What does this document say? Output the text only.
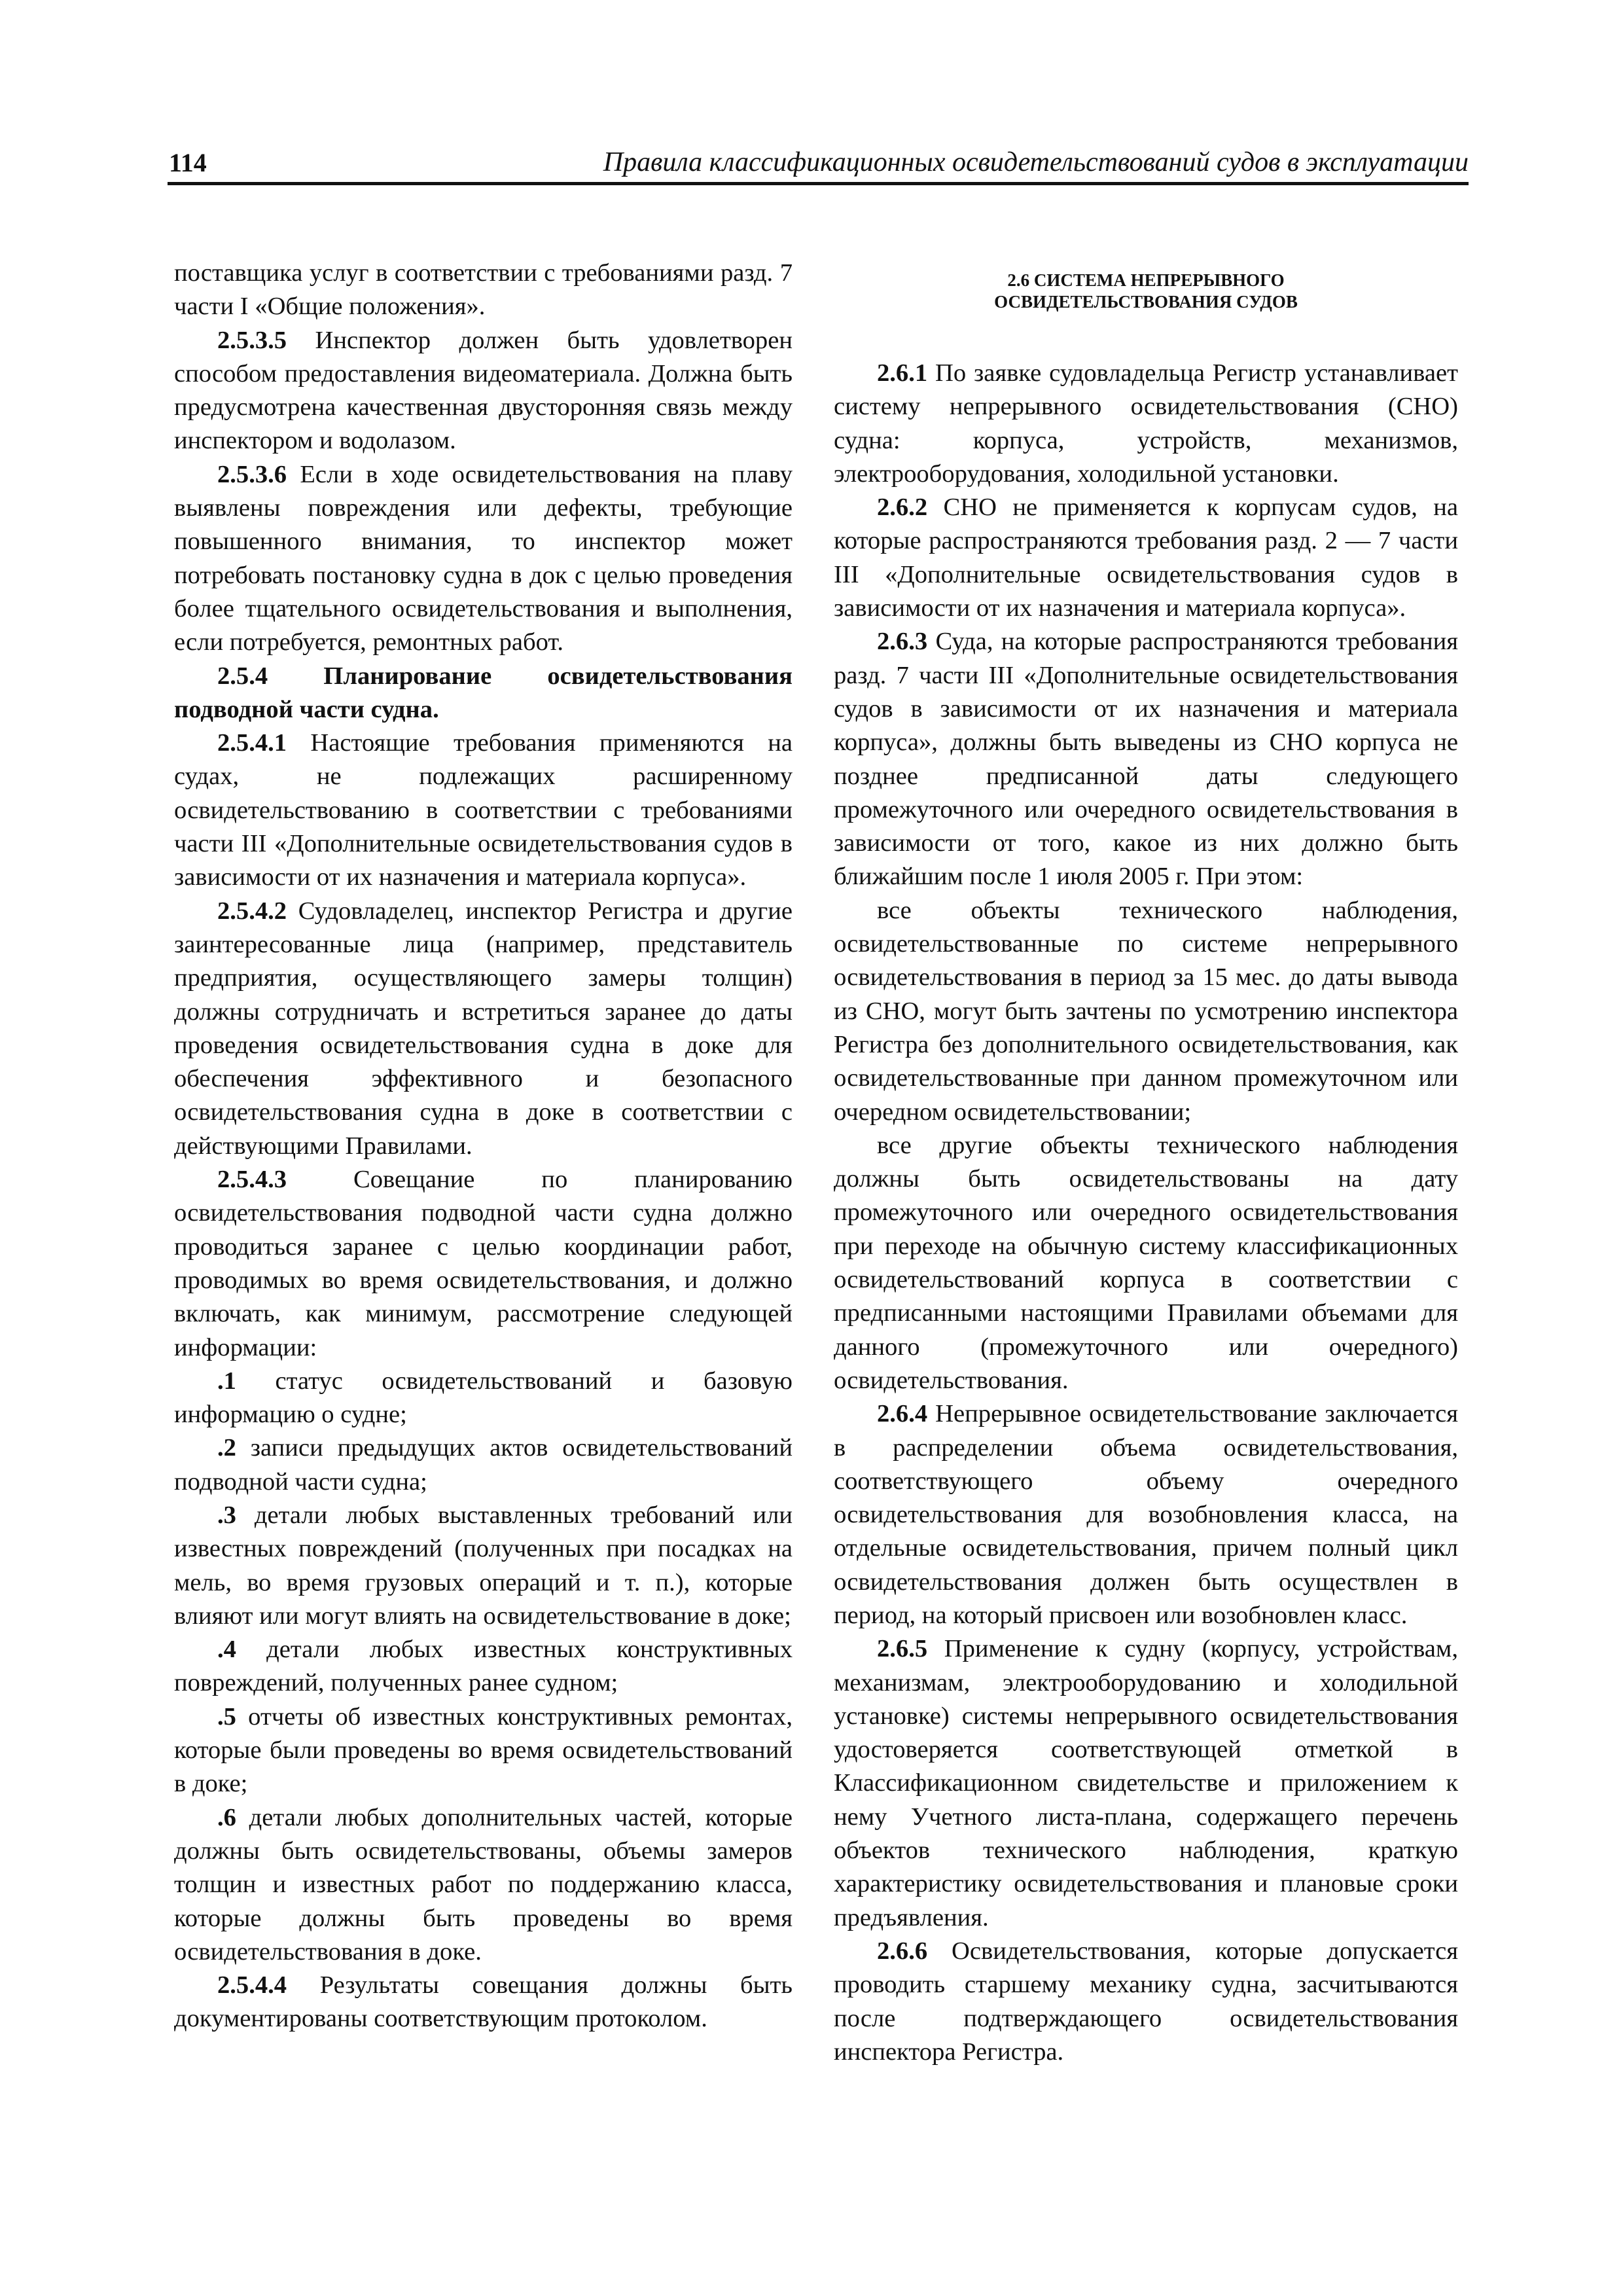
114	Правила классификационных освидетельствований судов в эксплуатации

поставщика услуг в соответствии с требованиями разд. 7 части I «Общие положения».

2.5.3.5 Инспектор должен быть удовлетворен способом предоставления видеоматериала. Должна быть предусмотрена качественная двусторонняя связь между инспектором и водолазом.

2.5.3.6 Если в ходе освидетельствования на плаву выявлены повреждения или дефекты, требующие повышенного внимания, то инспектор может потребовать постановку судна в док с целью проведения более тщательного освидетельствования и выполнения, если потребуется, ремонтных работ.

2.5.4 Планирование освидетельствования подводной части судна.

2.5.4.1 Настоящие требования применяются на судах, не подлежащих расширенному освидетельствованию в соответствии с требованиями части III «Дополнительные освидетельствования судов в зависимости от их назначения и материала корпуса».

2.5.4.2 Судовладелец, инспектор Регистра и другие заинтересованные лица (например, представитель предприятия, осуществляющего замеры толщин) должны сотрудничать и встретиться заранее до даты проведения освидетельствования судна в доке для обеспечения эффективного и безопасного освидетельствования судна в доке в соответствии с действующими Правилами.

2.5.4.3 Совещание по планированию освидетельствования подводной части судна должно проводиться заранее с целью координации работ, проводимых во время освидетельствования, и должно включать, как минимум, рассмотрение следующей информации:

.1 статус освидетельствований и базовую информацию о судне;

.2 записи предыдущих актов освидетельствований подводной части судна;

.3 детали любых выставленных требований или известных повреждений (полученных при посадках на мель, во время грузовых операций и т. п.), которые влияют или могут влиять на освидетельствование в доке;

.4 детали любых известных конструктивных повреждений, полученных ранее судном;

.5 отчеты об известных конструктивных ремонтах, которые были проведены во время освидетельствований в доке;

.6 детали любых дополнительных частей, которые должны быть освидетельствованы, объемы замеров толщин и известных работ по поддержанию класса, которые должны быть проведены во время освидетельствования в доке.

2.5.4.4 Результаты совещания должны быть документированы соответствующим протоколом.

2.6 СИСТЕМА НЕПРЕРЫВНОГО
ОСВИДЕТЕЛЬСТВОВАНИЯ СУДОВ

2.6.1 По заявке судовладельца Регистр устанавливает систему непрерывного освидетельствования (СНО) судна: корпуса, устройств, механизмов, электрооборудования, холодильной установки.

2.6.2 СНО не применяется к корпусам судов, на которые распространяются требования разд. 2 — 7 части III «Дополнительные освидетельствования судов в зависимости от их назначения и материала корпуса».

2.6.3 Суда, на которые распространяются требования разд. 7 части III «Дополнительные освидетельствования судов в зависимости от их назначения и материала корпуса», должны быть выведены из СНО корпуса не позднее предписанной даты следующего промежуточного или очередного освидетельствования в зависимости от того, какое из них должно быть ближайшим после 1 июля 2005 г. При этом:

все объекты технического наблюдения, освидетельствованные по системе непрерывного освидетельствования в период за 15 мес. до даты вывода из СНО, могут быть зачтены по усмотрению инспектора Регистра без дополнительного освидетельствования, как освидетельствованные при данном промежуточном или очередном освидетельствовании;

все другие объекты технического наблюдения должны быть освидетельствованы на дату промежуточного или очередного освидетельствования при переходе на обычную систему классификационных освидетельствований корпуса в соответствии с предписанными настоящими Правилами объемами для данного (промежуточного или очередного) освидетельствования.

2.6.4 Непрерывное освидетельствование заключается в распределении объема освидетельствования, соответствующего объему очередного освидетельствования для возобновления класса, на отдельные освидетельствования, причем полный цикл освидетельствования должен быть осуществлен в период, на который присвоен или возобновлен класс.

2.6.5 Применение к судну (корпусу, устройствам, механизмам, электрооборудованию и холодильной установке) системы непрерывного освидетельствования удостоверяется соответствующей отметкой в Классификационном свидетельстве и приложением к нему Учетного листа-плана, содержащего перечень объектов технического наблюдения, краткую характеристику освидетельствования и плановые сроки предъявления.

2.6.6 Освидетельствования, которые допускается проводить старшему механику судна, засчитываются после подтверждающего освидетельствования инспектора Регистра.
